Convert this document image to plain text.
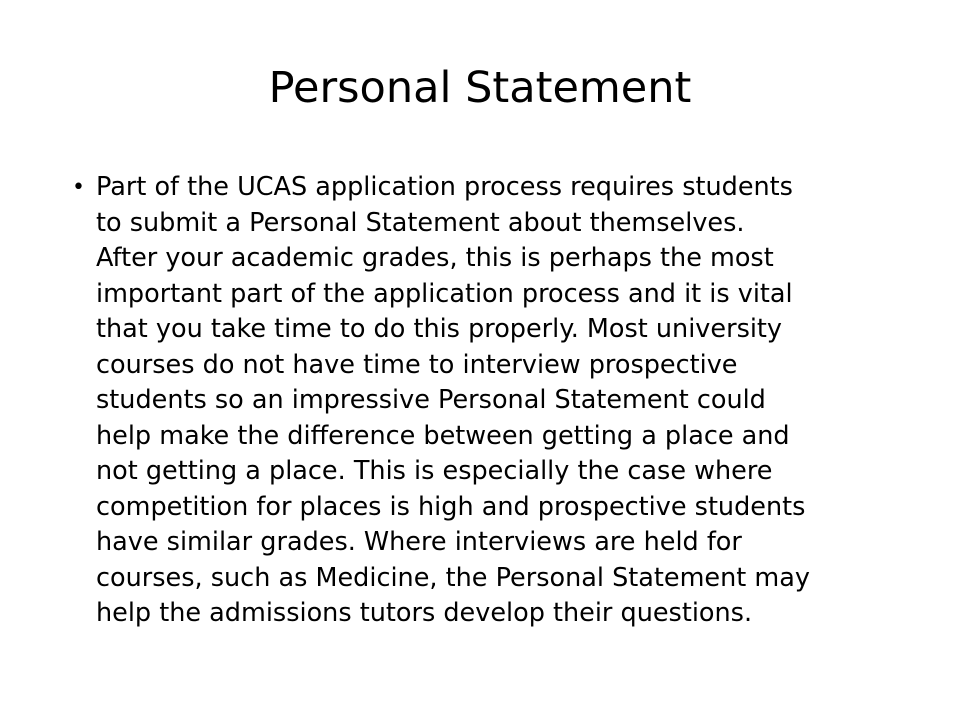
Personal Statement
• Part of the UCAS application process requires students
to submit a Personal Statement about themselves.
After your academic grades, this is perhaps the most
important part of the application process and it is vital
that you take time to do this properly. Most university
courses do not have time to interview prospective
students so an impressive Personal Statement could
help make the difference between getting a place and
not getting a place. This is especially the case where
competition for places is high and prospective students
have similar grades. Where interviews are held for
courses, such as Medicine, the Personal Statement may
help the admissions tutors develop their questions.
